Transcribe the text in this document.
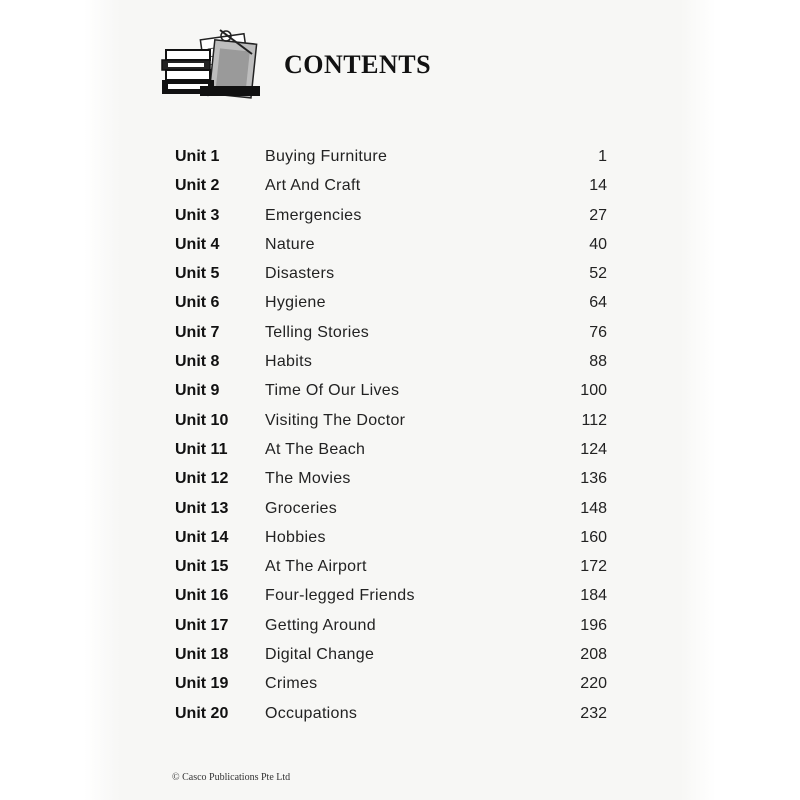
CONTENTS
Unit 1	Buying Furniture	1
Unit 2	Art And Craft	14
Unit 3	Emergencies	27
Unit 4	Nature	40
Unit 5	Disasters	52
Unit 6	Hygiene	64
Unit 7	Telling Stories	76
Unit 8	Habits	88
Unit 9	Time Of Our Lives	100
Unit 10 Visiting The Doctor	112
Unit 11 At The Beach	124
Unit 12 The Movies	136
Unit 13 Groceries	148
Unit 14 Hobbies	160
Unit 15 At The Airport	172
Unit 16 Four-legged Friends	184
Unit 17 Getting Around	196
Unit 18 Digital Change	208
Unit 19 Crimes	220
Unit 20 Occupations	232
© Casco Publications Pte Ltd
